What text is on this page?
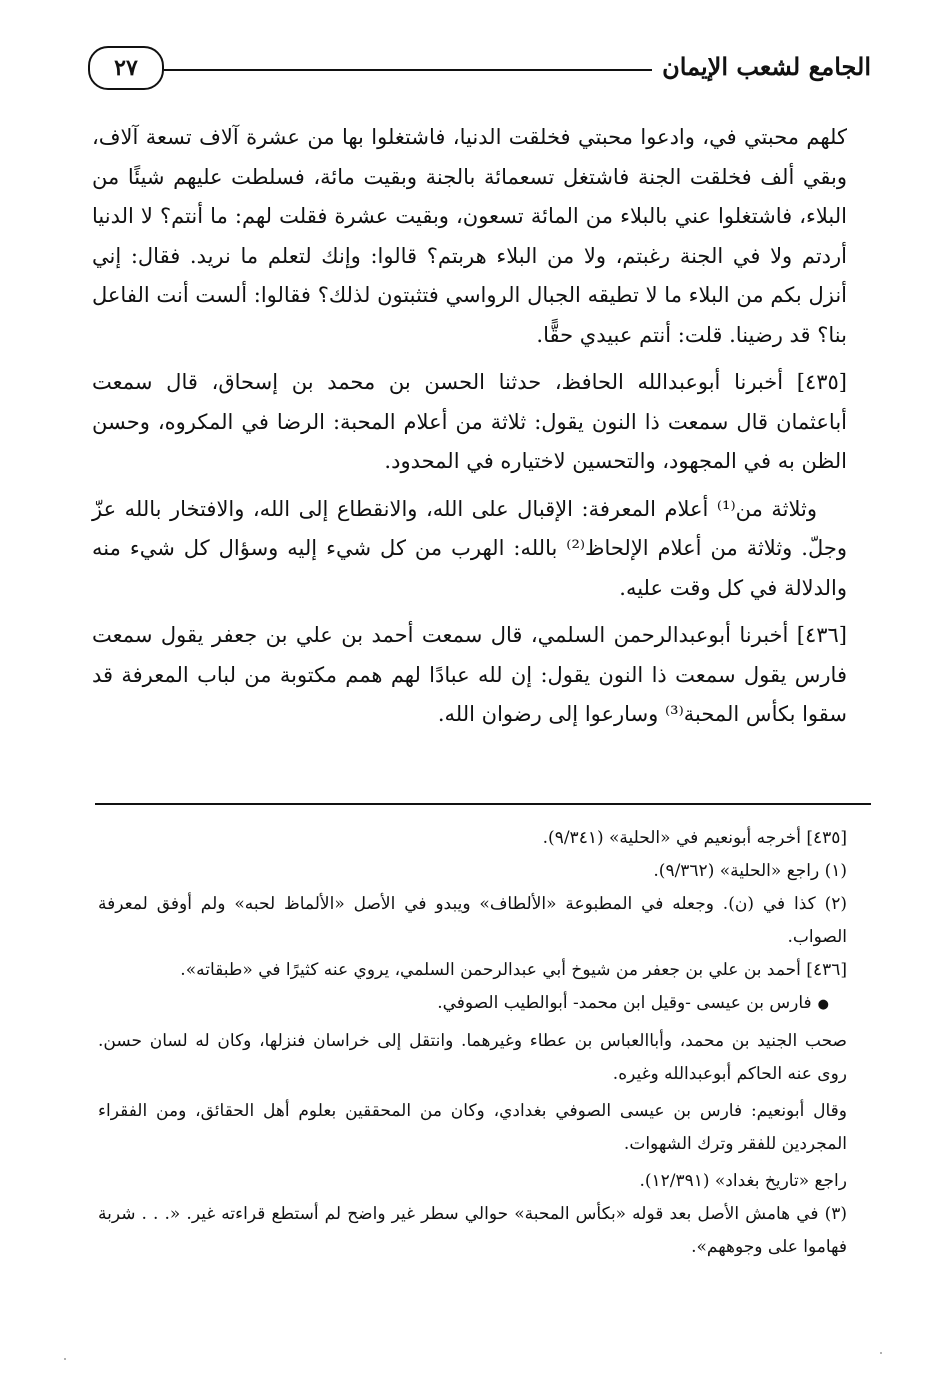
الجامع لشعب الإيمان
٢٧

كلهم محبتي في، وادعوا محبتي فخلقت الدنيا، فاشتغلوا بها من عشرة آلاف تسعة آلاف، وبقي ألف فخلقت الجنة فاشتغل تسعمائة بالجنة وبقيت مائة، فسلطت عليهم شيئًا من البلاء، فاشتغلوا عني بالبلاء من المائة تسعون، وبقيت عشرة فقلت لهم: ما أنتم؟ لا الدنيا أردتم ولا في الجنة رغبتم، ولا من البلاء هربتم؟ قالوا: وإنك لتعلم ما نريد. فقال: إني أنزل بكم من البلاء ما لا تطيقه الجبال الرواسي فتثبتون لذلك؟ فقالوا: ألست أنت الفاعل بنا؟ قد رضينا. قلت: أنتم عبيدي حقًّا.

[٤٣٥] أخبرنا أبوعبدالله الحافظ، حدثنا الحسن بن محمد بن إسحاق، قال سمعت أباعثمان قال سمعت ذا النون يقول: ثلاثة من أعلام المحبة: الرضا في المكروه، وحسن الظن به في المجهود، والتحسين لاختياره في المحدود.

وثلاثة من⁽¹⁾ أعلام المعرفة: الإقبال على الله، والانقطاع إلى الله، والافتخار بالله عزّ وجلّ. وثلاثة من أعلام الإلحاظ⁽²⁾ بالله: الهرب من كل شيء إليه وسؤال كل شيء منه والدلالة في كل وقت عليه.

[٤٣٦] أخبرنا أبوعبدالرحمن السلمي، قال سمعت أحمد بن علي بن جعفر يقول سمعت فارس يقول سمعت ذا النون يقول: إن لله عبادًا لهم همم مكتوبة من لباب المعرفة قد سقوا بكأس المحبة⁽³⁾ وسارعوا إلى رضوان الله.

[٤٣٥] أخرجه أبونعيم في «الحلية» (٩/٣٤١).

(١) راجع «الحلية» (٩/٣٦٢).

(٢) كذا في (ن). وجعله في المطبوعة «الألطاف» ويبدو في الأصل «الألماظ لحبه» ولم أوفق لمعرفة الصواب.

[٤٣٦] أحمد بن علي بن جعفر من شيوخ أبي عبدالرحمن السلمي، يروي عنه كثيرًا في «طبقاته».

●فارس بن عيسى -وقيل ابن محمد- أبوالطيب الصوفي.

صحب الجنيد بن محمد، وأباالعباس بن عطاء وغيرهما. وانتقل إلى خراسان فنزلها، وكان له لسان حسن. روى عنه الحاكم أبوعبدالله وغيره.

وقال أبونعيم: فارس بن عيسى الصوفي بغدادي، وكان من المحققين بعلوم أهل الحقائق، ومن الفقراء المجردين للفقر وترك الشهوات.

راجع «تاريخ بغداد» (١٢/٣٩١).

(٣) في هامش الأصل بعد قوله «بكأس المحبة» حوالي سطر غير واضح لم أستطع قراءته غير. «. . . شربة فهاموا على وجوههم».
